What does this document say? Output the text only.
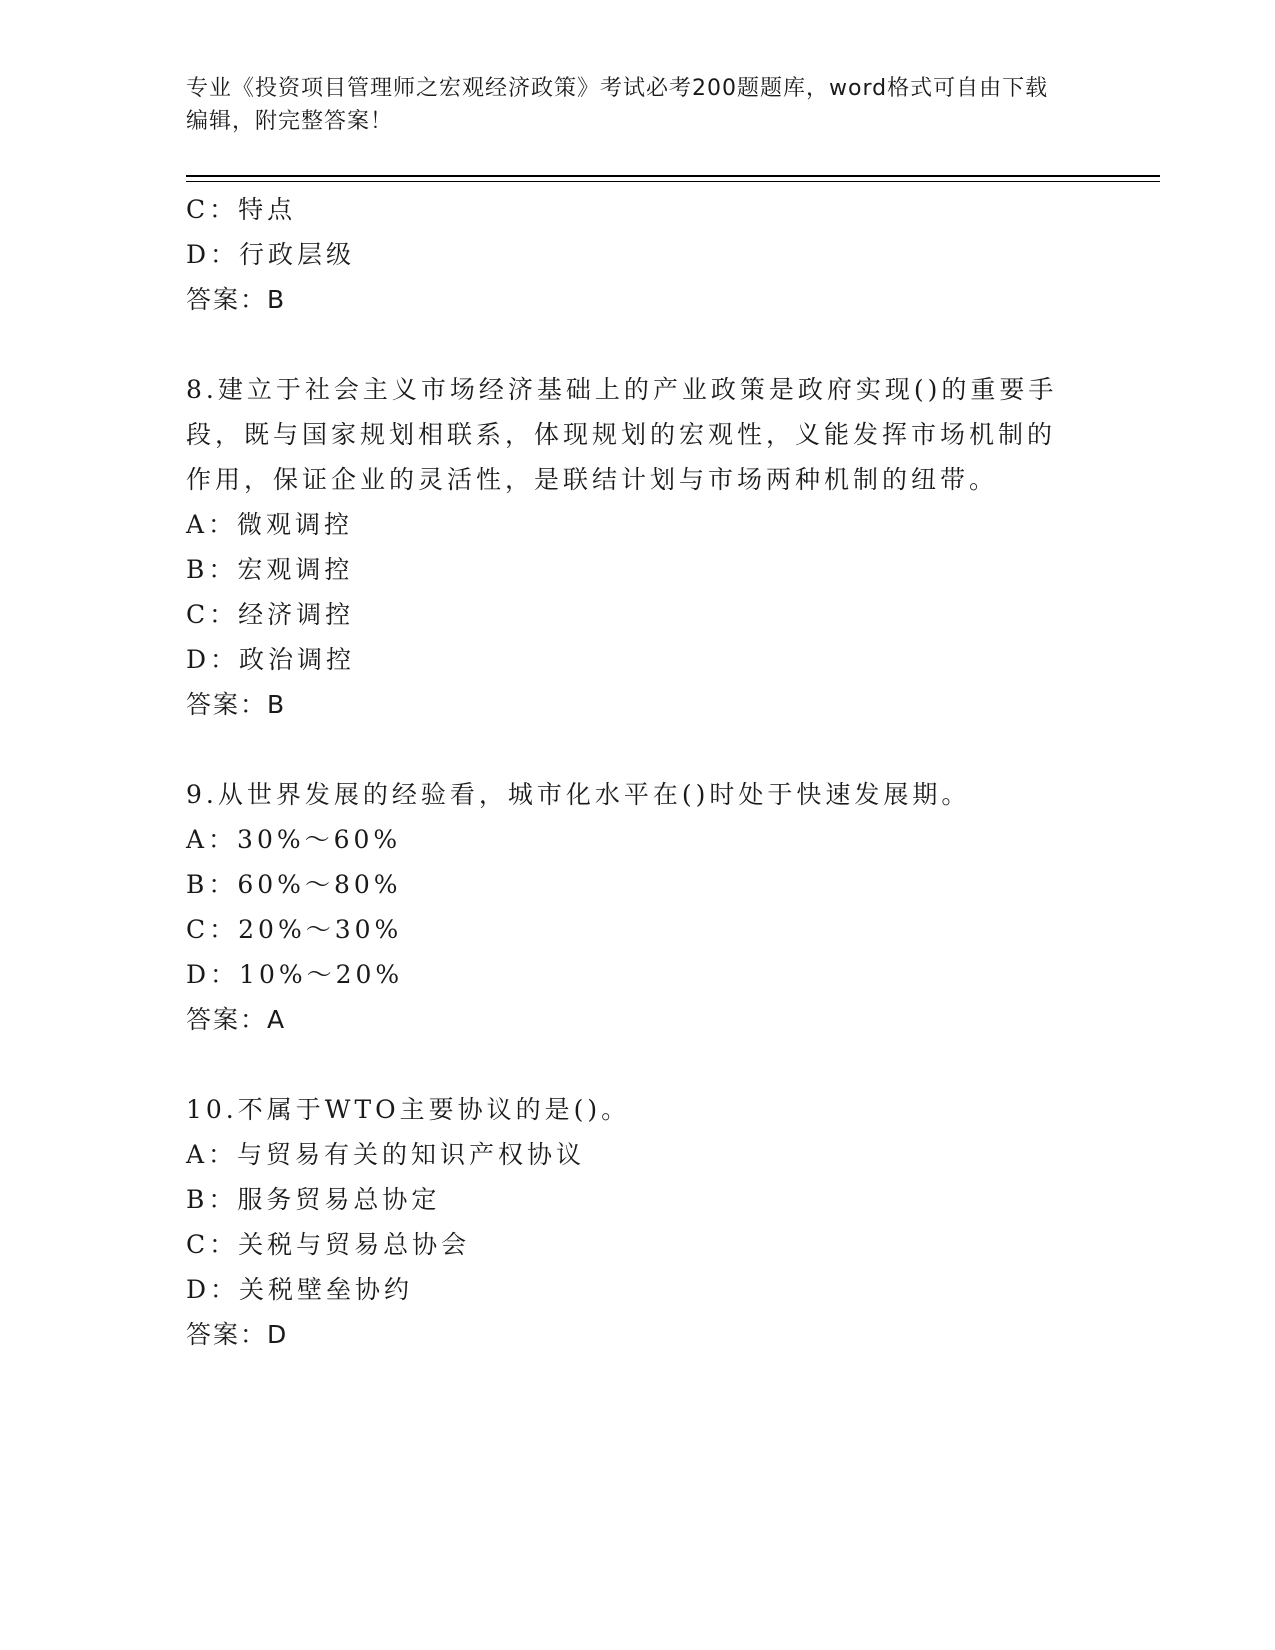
专业《投资项目管理师之宏观经济政策》考试必考200题题库，word格式可自由下载编辑，附完整答案！
C：特点
D：行政层级
答案：B
8.建立于社会主义市场经济基础上的产业政策是政府实现()的重要手
段，既与国家规划相联系，体现规划的宏观性，义能发挥市场机制的
作用，保证企业的灵活性，是联结计划与市场两种机制的纽带。
A：微观调控
B：宏观调控
C：经济调控
D：政治调控
答案：B
9.从世界发展的经验看，城市化水平在()时处于快速发展期。
A：30%～60%
B：60%～80%
C：20%～30%
D：10%～20%
答案：A
10.不属于WTO主要协议的是()。
A：与贸易有关的知识产权协议
B：服务贸易总协定
C：关税与贸易总协会
D：关税壁垒协约
答案：D
